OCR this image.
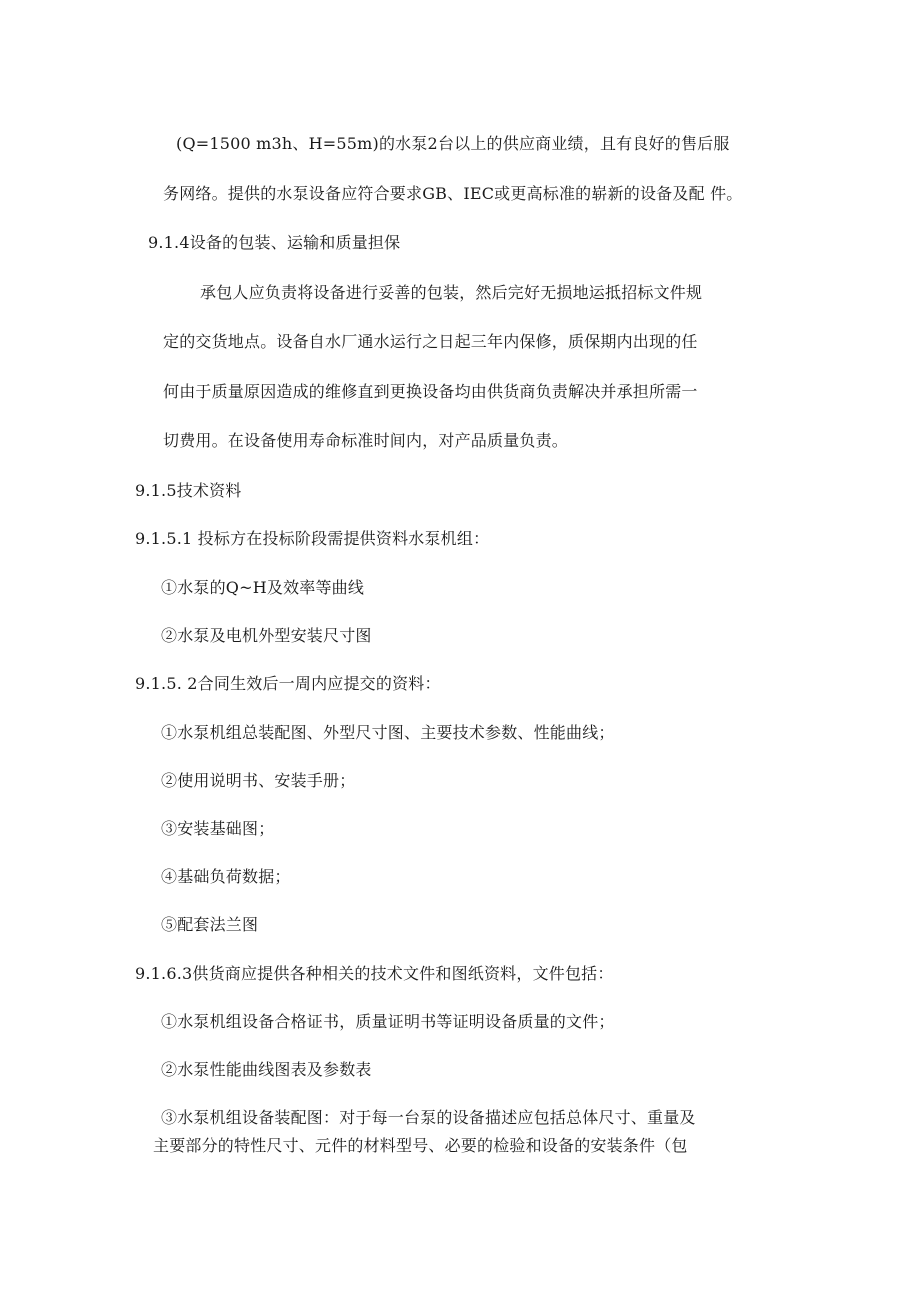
(Q=1500 m3h、H=55m)的水泵2台以上的供应商业绩，且有良好的售后服

务网络。提供的水泵设备应符合要求GB、IEC或更高标准的崭新的设备及配 件。

9.1.4设备的包装、运输和质量担保

承包人应负责将设备进行妥善的包装，然后完好无损地运抵招标文件规

定的交货地点。设备自水厂通水运行之日起三年内保修，质保期内出现的任

何由于质量原因造成的维修直到更换设备均由供货商负责解决并承担所需一

切费用。在设备使用寿命标准时间内，对产品质量负责。

9.1.5技术资料

9.1.5.1 投标方在投标阶段需提供资料水泵机组：

①水泵的Q~H及效率等曲线

②水泵及电机外型安装尺寸图

9.1.5. 2合同生效后一周内应提交的资料：

①水泵机组总装配图、外型尺寸图、主要技术参数、性能曲线；

②使用说明书、安装手册；

③安装基础图；

④基础负荷数据；

⑤配套法兰图

9.1.6.3供货商应提供各种相关的技术文件和图纸资料，文件包括：

①水泵机组设备合格证书，质量证明书等证明设备质量的文件；

②水泵性能曲线图表及参数表

③水泵机组设备装配图：对于每一台泵的设备描述应包括总体尺寸、重量及

主要部分的特性尺寸、元件的材料型号、必要的检验和设备的安装条件（包
